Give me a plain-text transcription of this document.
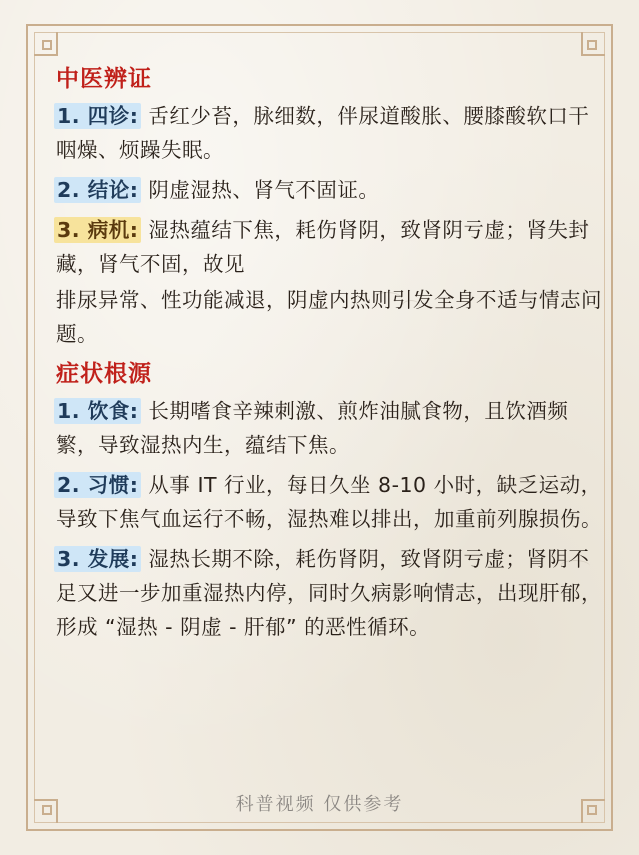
中医辨证
1. 四诊: 舌红少苔，脉细数，伴尿道酸胀、腰膝酸软口干咽燥、烦躁失眠。
2. 结论: 阴虚湿热、肾气不固证。
3. 病机: 湿热蕴结下焦，耗伤肾阴，致肾阴亏虚；肾失封藏，肾气不固，故见
排尿异常、性功能减退，阴虚内热则引发全身不适与情志问题。
症状根源
1. 饮食: 长期嗜食辛辣刺激、煎炸油腻食物，且饮酒频繁，导致湿热内生，蕴结下焦。
2. 习惯: 从事 IT 行业，每日久坐 8-10 小时，缺乏运动，导致下焦气血运行不畅，湿热难以排出，加重前列腺损伤。
3. 发展: 湿热长期不除，耗伤肾阴，致肾阴亏虚；肾阴不足又进一步加重湿热内停，同时久病影响情志，出现肝郁，形成 “湿热 - 阴虚 - 肝郁” 的恶性循环。
科普视频 仅供参考
